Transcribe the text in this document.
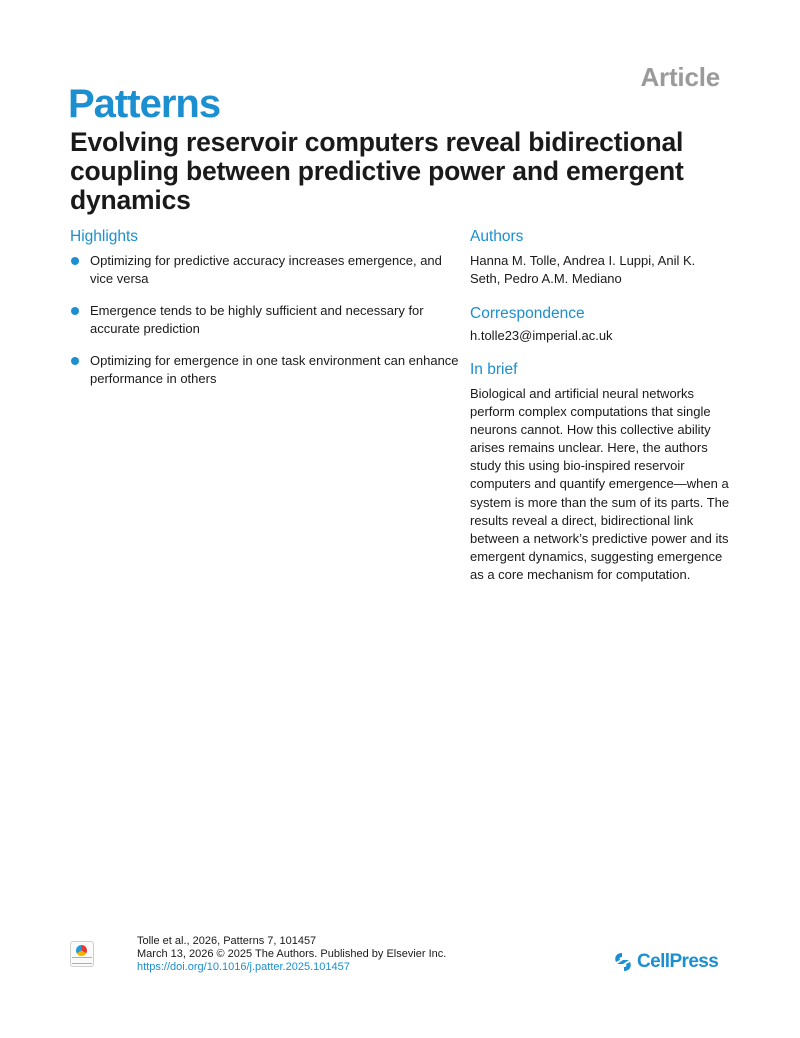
Article
Patterns
Evolving reservoir computers reveal bidirectional coupling between predictive power and emergent dynamics
Highlights
Optimizing for predictive accuracy increases emergence, and vice versa
Emergence tends to be highly sufficient and necessary for accurate prediction
Optimizing for emergence in one task environment can enhance performance in others
Authors

Hanna M. Tolle, Andrea I. Luppi, Anil K. Seth, Pedro A.M. Mediano

Correspondence

h.tolle23@imperial.ac.uk

In brief

Biological and artificial neural networks perform complex computations that single neurons cannot. How this collective ability arises remains unclear. Here, the authors study this using bio-inspired reservoir computers and quantify emergence—when a system is more than the sum of its parts. The results reveal a direct, bidirectional link between a network’s predictive power and its emergent dynamics, suggesting emergence as a core mechanism for computation.

Tolle et al., 2026, Patterns 7, 101457
March 13, 2026 © 2025 The Authors. Published by Elsevier Inc.
https://doi.org/10.1016/j.patter.2025.101457	CellPress
